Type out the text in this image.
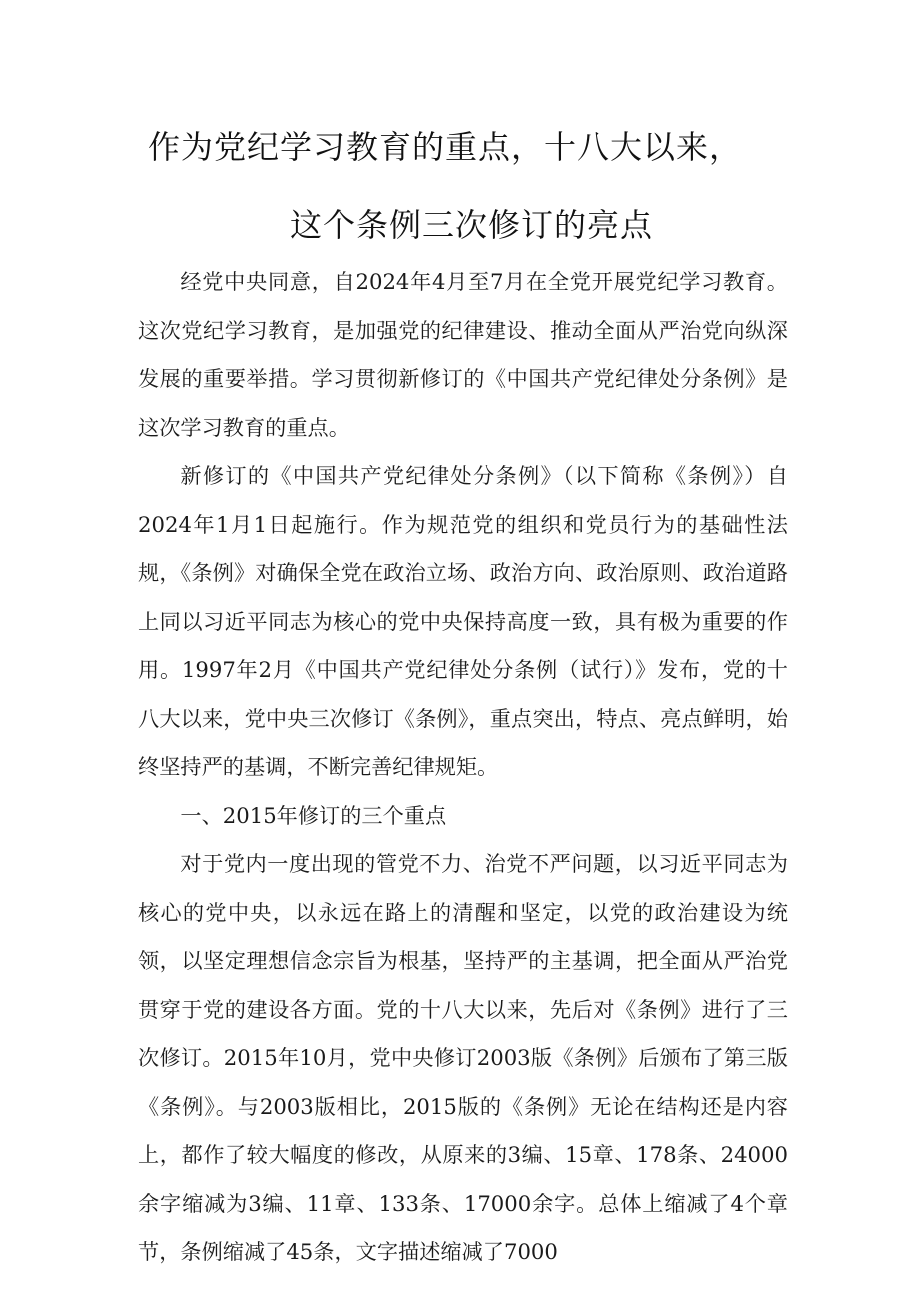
作为党纪学习教育的重点，十八大以来，
这个条例三次修订的亮点

经党中央同意，自2024年4月至7月在全党开展党纪学习教育。这次党纪学习教育，是加强党的纪律建设、推动全面从严治党向纵深发展的重要举措。学习贯彻新修订的《中国共产党纪律处分条例》是这次学习教育的重点。

新修订的《中国共产党纪律处分条例》（以下简称《条例》）自2024年1月1日起施行。作为规范党的组织和党员行为的基础性法规，《条例》对确保全党在政治立场、政治方向、政治原则、政治道路上同以习近平同志为核心的党中央保持高度一致，具有极为重要的作用。1997年2月《中国共产党纪律处分条例（试行）》发布，党的十八大以来，党中央三次修订《条例》，重点突出，特点、亮点鲜明，始终坚持严的基调，不断完善纪律规矩。

一、2015年修订的三个重点

对于党内一度出现的管党不力、治党不严问题，以习近平同志为核心的党中央，以永远在路上的清醒和坚定，以党的政治建设为统领，以坚定理想信念宗旨为根基，坚持严的主基调，把全面从严治党贯穿于党的建设各方面。党的十八大以来，先后对《条例》进行了三次修订。2015年10月，党中央修订2003版《条例》后颁布了第三版《条例》。与2003版相比，2015版的《条例》无论在结构还是内容上，都作了较大幅度的修改，从原来的3编、15章、178条、24000余字缩减为3编、11章、133条、17000余字。总体上缩减了4个章节，条例缩减了45条，文字描述缩减了7000
